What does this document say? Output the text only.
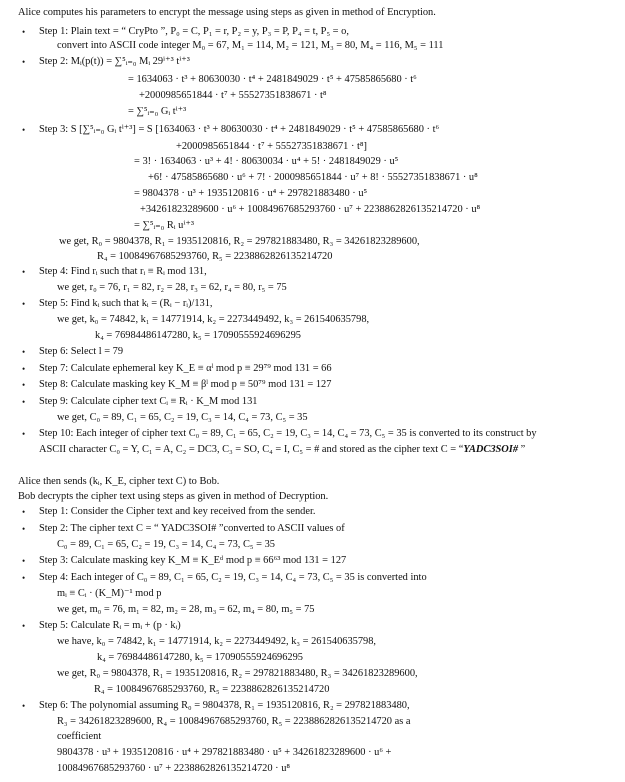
Alice computes his parameters to encrypt the message using steps as given in method of Encryption.
• Step 1: Plain text = “ CryPto ”, P₀ = C, P₁ = r, P₂ = y, P₃ = P, P₄ = t, P₅ = o,
convert into ASCII code integer M₀ = 67, M₁ = 114, M₂ = 121, M₃ = 80, M₄ = 116, M₅ = 111
• Step 2: Mᵢ(p(t)) = ∑⁵ᵢ₌₀ Mᵢ 29ⁱ⁺³ tⁱ⁺³
= 1634063 · t³ + 80630030 · t⁴ + 2481849029 · t⁵ + 47585865680 · t⁶
+2000985651844 · t⁷ + 55527351838671 · t⁸
= ∑⁵ᵢ₌₀ Gᵢ tⁱ⁺³
• Step 3: S [∑⁵ᵢ₌₀ Gᵢ tⁱ⁺³] = S [1634063 · t³ + 80630030 · t⁴ + 2481849029 · t⁵ + 47585865680 · t⁶
+2000985651844 · t⁷ + 55527351838671 · t⁸]
= 3! · 1634063 · u³ + 4! · 80630034 · u⁴ + 5! · 2481849029 · u⁵
+6! · 47585865680 · u⁶ + 7! · 2000985651844 · u⁷ + 8! · 55527351838671 · u⁸
= 9804378 · u³ + 1935120816 · u⁴ + 297821883480 · u⁵
+34261823289600 · u⁶ + 10084967685293760 · u⁷ + 2238862826135214720 · u⁸
= ∑⁵ᵢ₌₀ Rᵢ uⁱ⁺³
we get, R₀ = 9804378, R₁ = 1935120816, R₂ = 297821883480, R₃ = 34261823289600,
R₄ = 10084967685293760, R₅ = 2238862826135214720
• Step 4: Find rᵢ such that rᵢ ≡ Rᵢ mod 131,
we get, r₀ = 76, r₁ = 82, r₂ = 28, r₃ = 62, r₄ = 80, r₅ = 75
• Step 5: Find kᵢ such that kᵢ = (Rᵢ − rᵢ)/131,
we get, k₀ = 74842, k₁ = 14771914, k₂ = 2273449492, k₃ = 261540635798,
k₄ = 76984486147280, k₅ = 17090555924696295
• Step 6: Select l = 79
• Step 7: Calculate ephemeral key K_E ≡ αˡ mod p ≡ 29⁷⁹ mod 131 = 66
• Step 8: Calculate masking key K_M ≡ βˡ mod p ≡ 50⁷⁹ mod 131 = 127
• Step 9: Calculate cipher text Cᵢ ≡ Rᵢ · K_M mod 131
we get, C₀ = 89, C₁ = 65, C₂ = 19, C₃ = 14, C₄ = 73, C₅ = 35
• Step 10: Each integer of cipher text C₀ = 89, C₁ = 65, C₂ = 19, C₃ = 14, C₄ = 73, C₅ = 35 is converted to its construct by
ASCII character C₀ = Y, C₁ = A, C₂ = DC3, C₃ = SO, C₄ = I, C₅ = # and stored as the cipher text C = “YADC3SOI# ”
Alice then sends (kᵢ, K_E, cipher text C) to Bob.
Bob decrypts the cipher text using steps as given in method of Decryption.
• Step 1: Consider the Cipher text and key received from the sender.
• Step 2: The cipher text C = “ YADC3SOI# ”converted to ASCII values of
C₀ = 89, C₁ = 65, C₂ = 19, C₃ = 14, C₄ = 73, C₅ = 35
• Step 3: Calculate masking key K_M ≡ K_Eᵈ mod p ≡ 66⁶³ mod 131 = 127
• Step 4: Each integer of C₀ = 89, C₁ = 65, C₂ = 19, C₃ = 14, C₄ = 73, C₅ = 35 is converted into
mᵢ ≡ Cᵢ · (K_M)⁻¹ mod p
we get, m₀ = 76, m₁ = 82, m₂ = 28, m₃ = 62, m₄ = 80, m₅ = 75
• Step 5: Calculate Rᵢ = mᵢ + (p · kᵢ)
we have, k₀ = 74842, k₁ = 14771914, k₂ = 2273449492, k₃ = 261540635798,
k₄ = 76984486147280, k₅ = 17090555924696295
we get, R₀ = 9804378, R₁ = 1935120816, R₂ = 297821883480, R₃ = 34261823289600,
R₄ = 10084967685293760, R₅ = 2238862826135214720
• Step 6: The polynomial assuming R₀ = 9804378, R₁ = 1935120816, R₂ = 297821883480,
R₃ = 34261823289600, R₄ = 10084967685293760, R₅ = 2238862826135214720 as a
coefficient
9804378 · u³ + 1935120816 · u⁴ + 297821883480 · u⁵ + 34261823289600 · u⁶ +
10084967685293760 · u⁷ + 2238862826135214720 · u⁸
